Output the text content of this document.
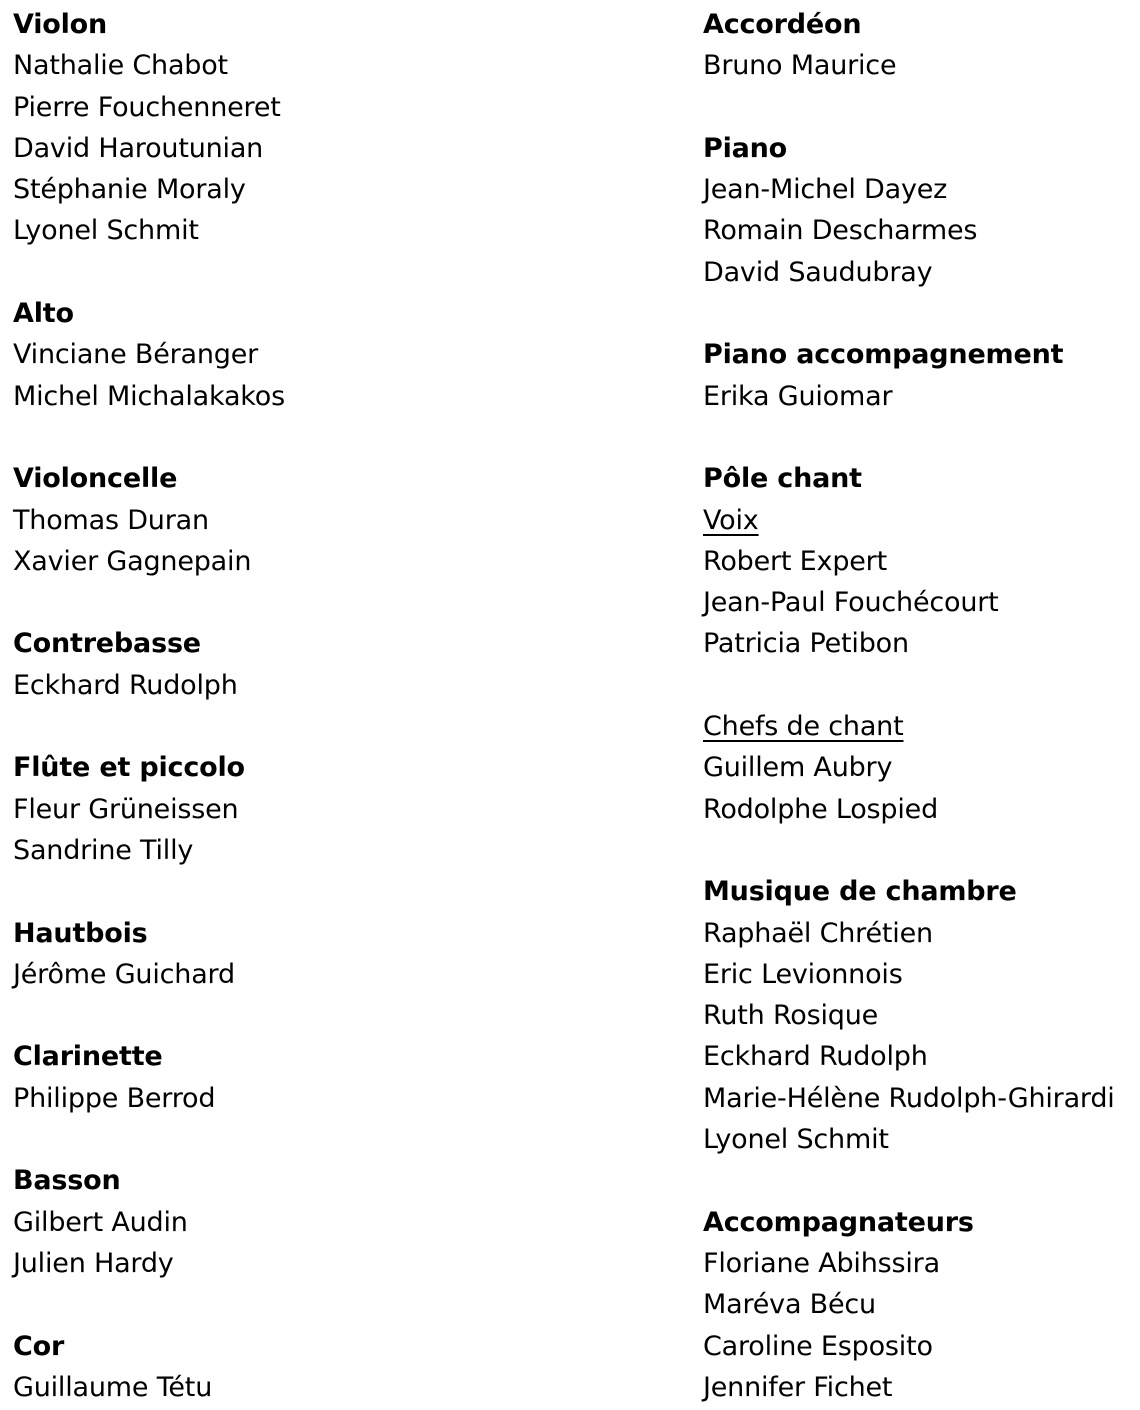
Violon
Nathalie Chabot
Pierre Fouchenneret
David Haroutunian
Stéphanie Moraly
Lyonel Schmit
Alto
Vinciane Béranger
Michel Michalakakos
Violoncelle
Thomas Duran
Xavier Gagnepain
Contrebasse
Eckhard Rudolph
Flûte et piccolo
Fleur Grüneissen
Sandrine Tilly
Hautbois
Jérôme Guichard
Clarinette
Philippe Berrod
Basson
Gilbert Audin
Julien Hardy
Cor
Guillaume Tétu
Accordéon
Bruno Maurice
Piano
Jean-Michel Dayez
Romain Descharmes
David Saudubray
Piano accompagnement
Erika Guiomar
Pôle chant
Voix
Robert Expert
Jean-Paul Fouchécourt
Patricia Petibon
Chefs de chant
Guillem Aubry
Rodolphe Lospied
Musique de chambre
Raphaël Chrétien
Eric Levionnois
Ruth Rosique
Eckhard Rudolph
Marie-Hélène Rudolph-Ghirardi
Lyonel Schmit
Accompagnateurs
Floriane Abihssira
Maréva Bécu
Caroline Esposito
Jennifer Fichet
